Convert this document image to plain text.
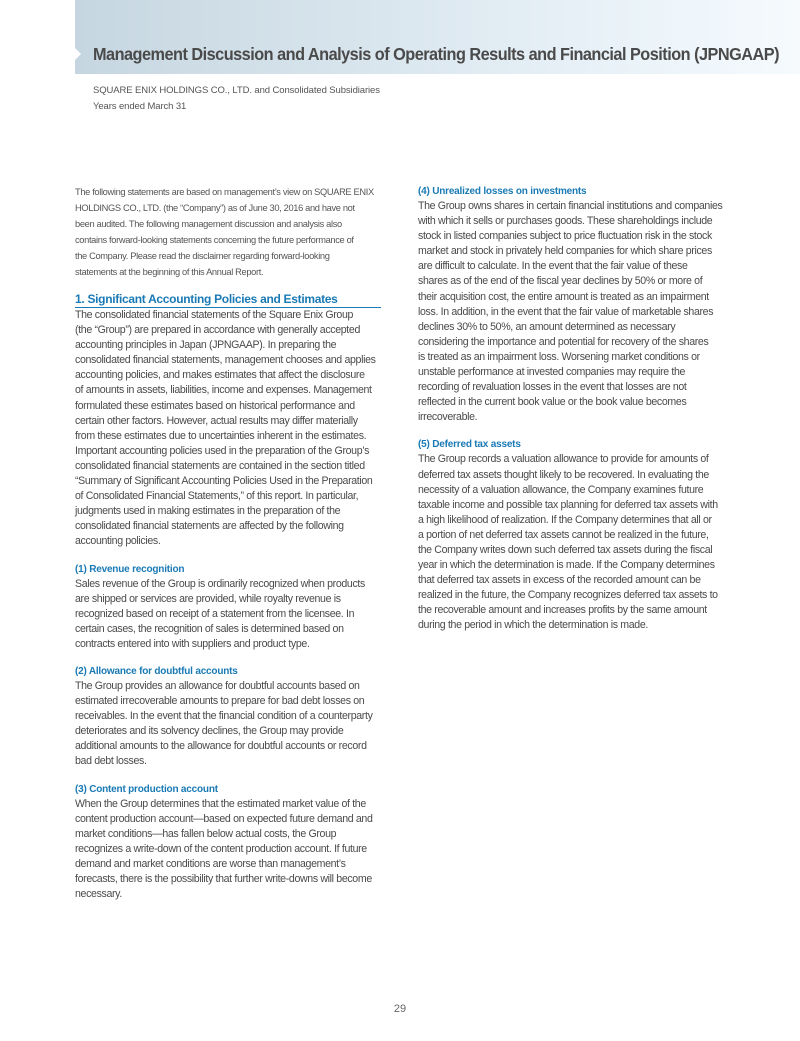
Management Discussion and Analysis of Operating Results and Financial Position (JPNGAAP)
SQUARE ENIX HOLDINGS CO., LTD. and Consolidated Subsidiaries
Years ended March 31
The following statements are based on management’s view on SQUARE ENIX
HOLDINGS CO., LTD. (the “Company”) as of June 30, 2016 and have not
been audited. The following management discussion and analysis also
contains forward-looking statements concerning the future performance of
the Company. Please read the disclaimer regarding forward-looking
statements at the beginning of this Annual Report.
1. Significant Accounting Policies and Estimates
The consolidated financial statements of the Square Enix Group
(the “Group”) are prepared in accordance with generally accepted
accounting principles in Japan (JPNGAAP). In preparing the
consolidated financial statements, management chooses and applies
accounting policies, and makes estimates that affect the disclosure
of amounts in assets, liabilities, income and expenses. Management
formulated these estimates based on historical performance and
certain other factors. However, actual results may differ materially
from these estimates due to uncertainties inherent in the estimates.
Important accounting policies used in the preparation of the Group’s
consolidated financial statements are contained in the section titled
“Summary of Significant Accounting Policies Used in the Preparation
of Consolidated Financial Statements,” of this report. In particular,
judgments used in making estimates in the preparation of the
consolidated financial statements are affected by the following
accounting policies.
(1) Revenue recognition
Sales revenue of the Group is ordinarily recognized when products
are shipped or services are provided, while royalty revenue is
recognized based on receipt of a statement from the licensee. In
certain cases, the recognition of sales is determined based on
contracts entered into with suppliers and product type.
(2) Allowance for doubtful accounts
The Group provides an allowance for doubtful accounts based on
estimated irrecoverable amounts to prepare for bad debt losses on
receivables. In the event that the financial condition of a counterparty
deteriorates and its solvency declines, the Group may provide
additional amounts to the allowance for doubtful accounts or record
bad debt losses.
(3) Content production account
When the Group determines that the estimated market value of the
content production account—based on expected future demand and
market conditions—has fallen below actual costs, the Group
recognizes a write-down of the content production account. If future
demand and market conditions are worse than management’s
forecasts, there is the possibility that further write-downs will become
necessary.
(4) Unrealized losses on investments
The Group owns shares in certain financial institutions and companies
with which it sells or purchases goods. These shareholdings include
stock in listed companies subject to price fluctuation risk in the stock
market and stock in privately held companies for which share prices
are difficult to calculate. In the event that the fair value of these
shares as of the end of the fiscal year declines by 50% or more of
their acquisition cost, the entire amount is treated as an impairment
loss. In addition, in the event that the fair value of marketable shares
declines 30% to 50%, an amount determined as necessary
considering the importance and potential for recovery of the shares
is treated as an impairment loss. Worsening market conditions or
unstable performance at invested companies may require the
recording of revaluation losses in the event that losses are not
reflected in the current book value or the book value becomes
irrecoverable.
(5) Deferred tax assets
The Group records a valuation allowance to provide for amounts of
deferred tax assets thought likely to be recovered. In evaluating the
necessity of a valuation allowance, the Company examines future
taxable income and possible tax planning for deferred tax assets with
a high likelihood of realization. If the Company determines that all or
a portion of net deferred tax assets cannot be realized in the future,
the Company writes down such deferred tax assets during the fiscal
year in which the determination is made. If the Company determines
that deferred tax assets in excess of the recorded amount can be
realized in the future, the Company recognizes deferred tax assets to
the recoverable amount and increases profits by the same amount
during the period in which the determination is made.
29
